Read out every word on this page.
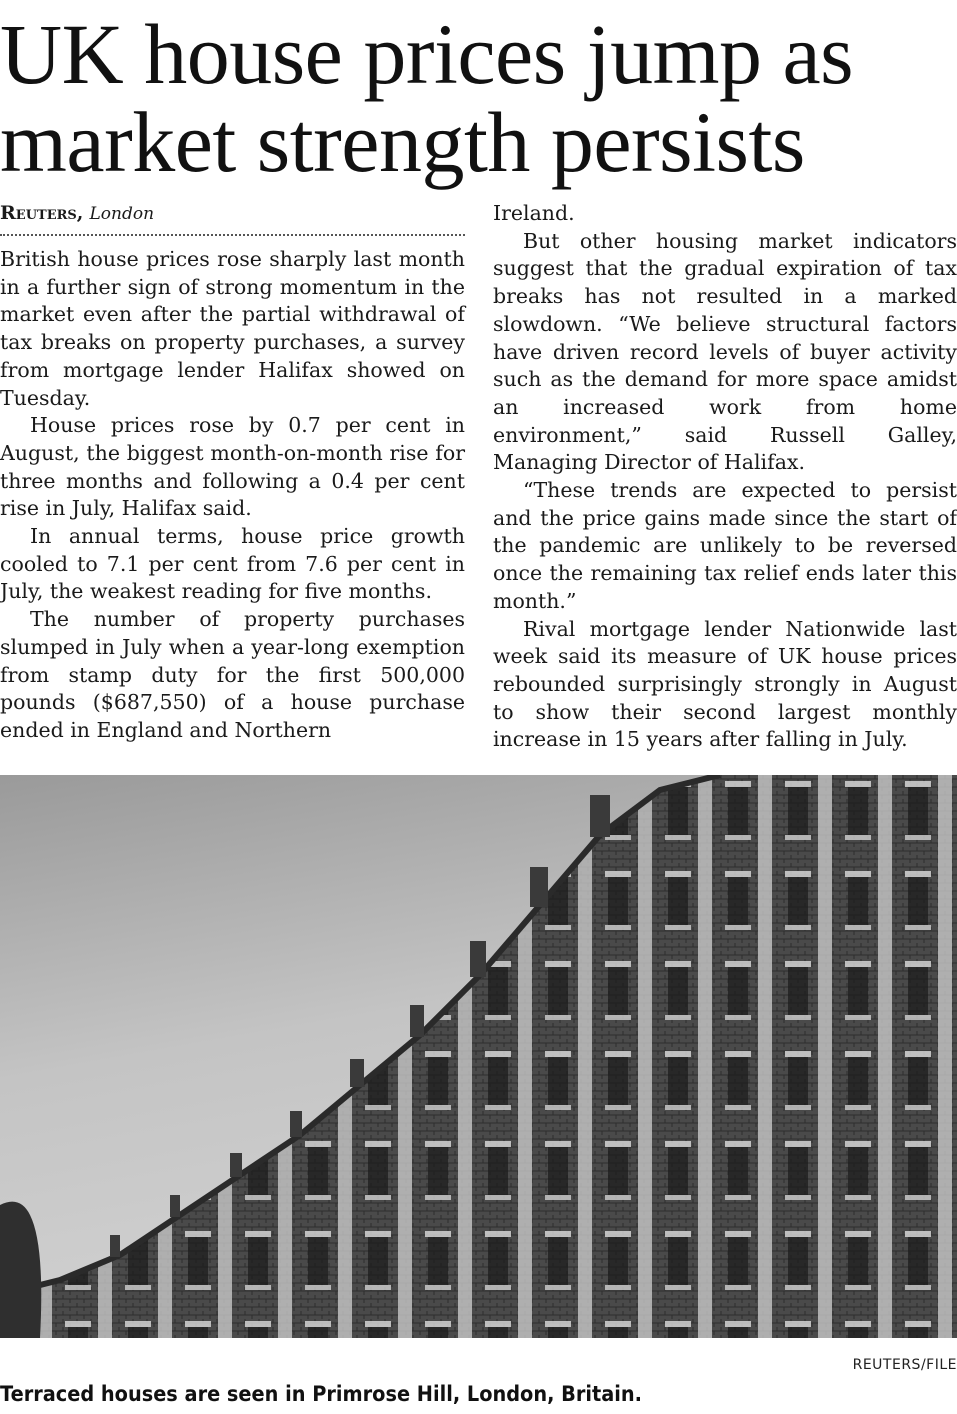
UK house prices jump as
market strength persists
Reuters, London

British house prices rose sharply last month in a further sign of strong momentum in the market even after the partial withdrawal of tax breaks on property purchases, a survey from mortgage lender Halifax showed on Tuesday.

House prices rose by 0.7 per cent in August, the biggest month-on-month rise for three months and following a 0.4 per cent rise in July, Halifax said.

In annual terms, house price growth cooled to 7.1 per cent from 7.6 per cent in July, the weakest reading for five months.

The number of property purchases slumped in July when a year-long exemption from stamp duty for the first 500,000 pounds ($687,550) of a house purchase ended in England and Northern

Ireland.

But other housing market indicators suggest that the gradual expiration of tax breaks has not resulted in a marked slowdown. “We believe structural factors have driven record levels of buyer activity such as the demand for more space amidst an increased work from home environment,” said Russell Galley, Managing Director of Halifax.

“These trends are expected to persist and the price gains made since the start of the pandemic are unlikely to be reversed once the remaining tax relief ends later this month.”

Rival mortgage lender Nationwide last week said its measure of UK house prices rebounded surprisingly strongly in August to show their second largest monthly increase in 15 years after falling in July.

REUTERS/FILE
Terraced houses are seen in Primrose Hill, London, Britain.
